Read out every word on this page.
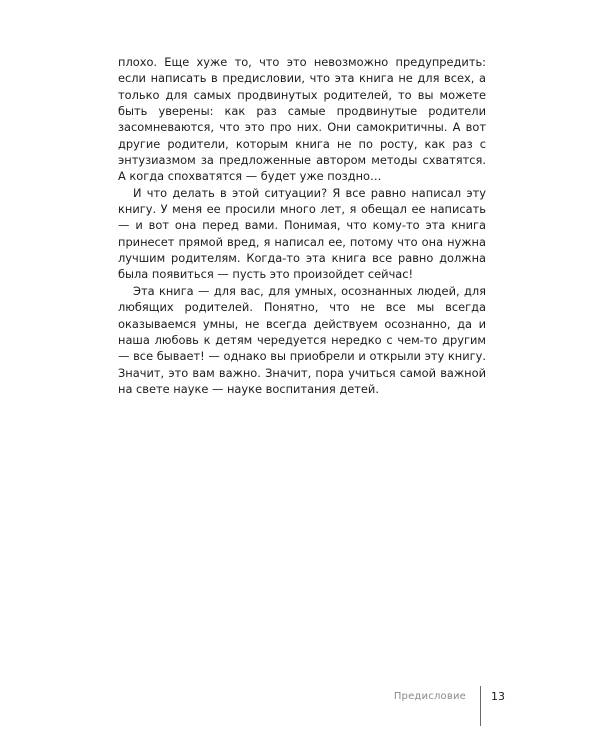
плохо. Еще хуже то, что это невозможно предупредить: если написать в предисловии, что эта книга не для всех, а только для самых продвинутых родителей, то вы можете быть уверены: как раз самые продвинутые родители засомневаются, что это про них. Они самокритичны. А вот другие родители, которым книга не по росту, как раз с энтузиазмом за предложенные автором методы схватятся. А когда спохватятся — будет уже поздно…

И что делать в этой ситуации? Я все равно написал эту книгу. У меня ее просили много лет, я обещал ее написать — и вот она перед вами. Понимая, что кому-то эта книга принесет прямой вред, я написал ее, потому что она нужна лучшим родителям. Когда-то эта книга все равно должна была появиться — пусть это произойдет сейчас!

Эта книга — для вас, для умных, осознанных людей, для любящих родителей. Понятно, что не все мы всегда оказываемся умны, не всегда действуем осознанно, да и наша любовь к детям чередуется нередко с чем-то другим — все бывает! — однако вы приобрели и открыли эту книгу. Значит, это вам важно. Значит, пора учиться самой важной на свете науке — науке воспитания детей.

Предисловие 13
